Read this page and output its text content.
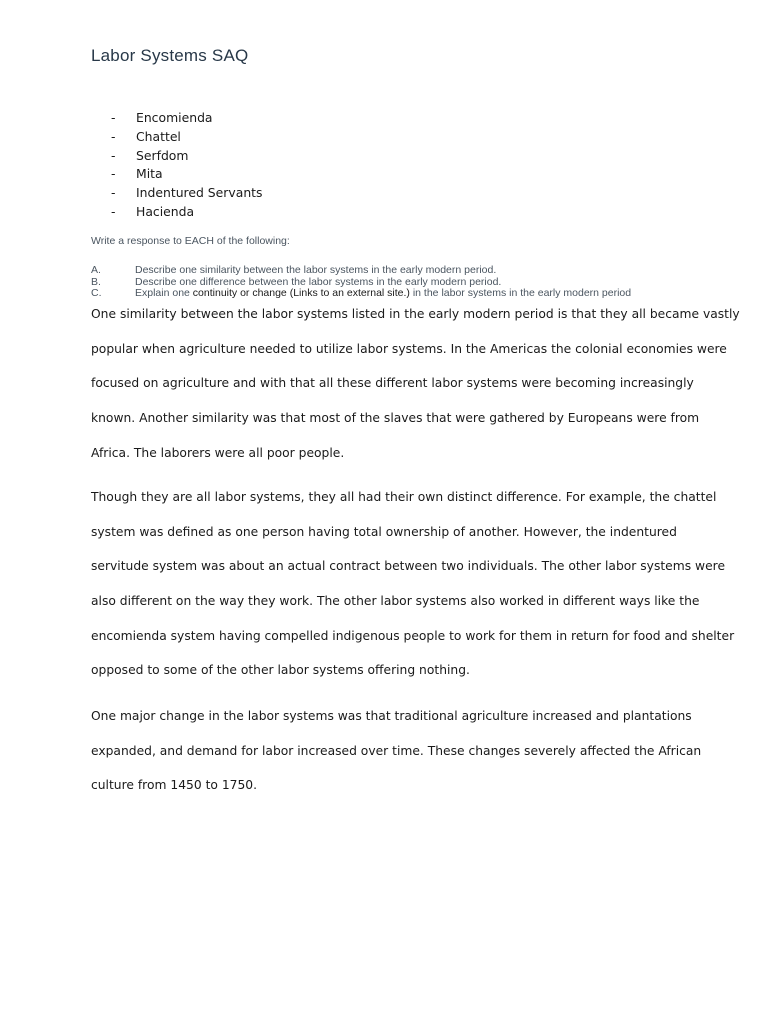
Labor Systems SAQ
- Encomienda
- Chattel
- Serfdom
- Mita
- Indentured Servants
- Hacienda
Write a response to EACH of the following:
A.	Describe one similarity between the labor systems in the early modern period.
B.	Describe one difference between the labor systems in the early modern period.
C.	Explain one continuity or change (Links to an external site.) in the labor systems in the early modern period
One similarity between the labor systems listed in the early modern period is that they all became vastly
popular when agriculture needed to utilize labor systems. In the Americas the colonial economies were
focused on agriculture and with that all these different labor systems were becoming increasingly
known. Another similarity was that most of the slaves that were gathered by Europeans were from
Africa. The laborers were all poor people.
Though they are all labor systems, they all had their own distinct difference. For example, the chattel
system was defined as one person having total ownership of another. However, the indentured
servitude system was about an actual contract between two individuals. The other labor systems were
also different on the way they work. The other labor systems also worked in different ways like the
encomienda system having compelled indigenous people to work for them in return for food and shelter
opposed to some of the other labor systems offering nothing.
One major change in the labor systems was that traditional agriculture increased and plantations
expanded, and demand for labor increased over time. These changes severely affected the African
culture from 1450 to 1750.
